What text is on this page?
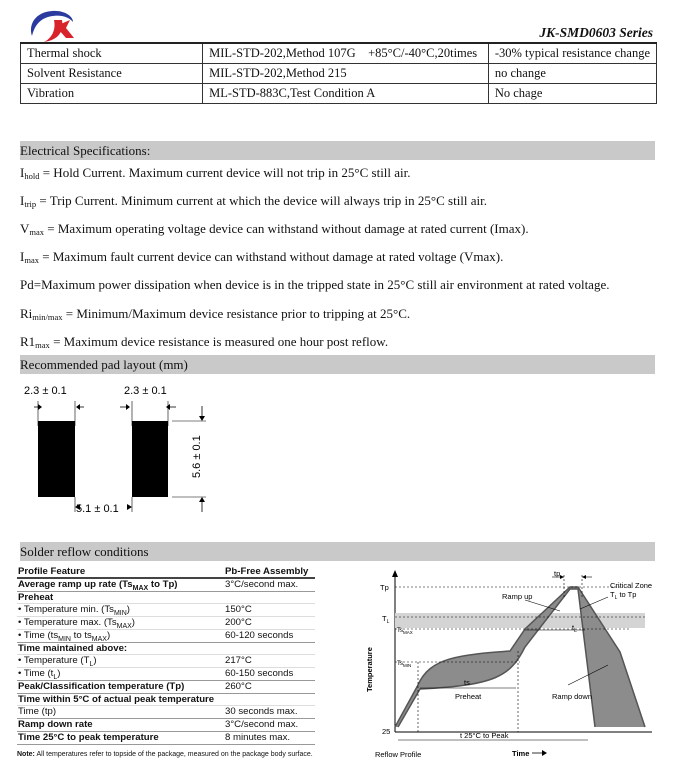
JK-SMD0603 Series
Thermal shock	MIL-STD-202,Method 107G    +85°C/-40°C,20times	-30% typical resistance change
Solvent Resistance	MIL-STD-202,Method 215	no change
Vibration	ML-STD-883C,Test Condition A	No chage
Electrical Specifications:
$I_{hold}$ = Hold Current. Maximum current device will not trip in 25°C still air.
$I_{trip}$ = Trip Current. Minimum current at which the device will always trip in 25°C still air.
$V_{max}$ = Maximum operating voltage device can withstand without damage at rated current (Imax).
$I_{max}$ = Maximum fault current device can withstand without damage at rated voltage (Vmax).
Pd=Maximum power dissipation when device is in the tripped state in 25°C still air environment at rated voltage.
$Ri_{min/max}$ = Minimum/Maximum device resistance prior to tripping at 25°C.
$R1_{max}$ = Maximum device resistance is measured one hour post reflow.
Recommended pad layout (mm)
2.3 ± 0.1	2.3 ± 0.1
5.6 ± 0.1
5.1 ± 0.1
Solder reflow conditions
Profile Feature	Pb-Free Assembly
Average ramp up rate ($Ts_{MAX}$ to Tp)	3°C/second max.
Preheat
• Temperature min. $(Ts_{MIN})$	150°C
• Temperature max. $(Ts_{MAX})$	200°C
• Time ($ts_{MIN}$ to $ts_{MAX}$)	60-120 seconds
Time maintained above:
• Temperature $(T_L)$	217°C
• Time $(t_L)$	60-150 seconds
Peak/Classification temperature (Tp)	260°C
Time within 5°C of actual peak temperature
Time (tp)	30 seconds max.
Ramp down rate	3°C/second max.
Time 25°C to peak temperature	8 minutes max.
Note: All temperatures refer to topside of the package, measured on the package body surface.
tp
Tp
$T_L$
$Ts_{MAX}$
$Ts_{MIN}$
25
Ramp up
Ramp down
Critical Zone
$T_L$ to Tp
ts
Preheat
$t_L$
t 25°C to Peak
Temperature
Reflow Profile	Time
